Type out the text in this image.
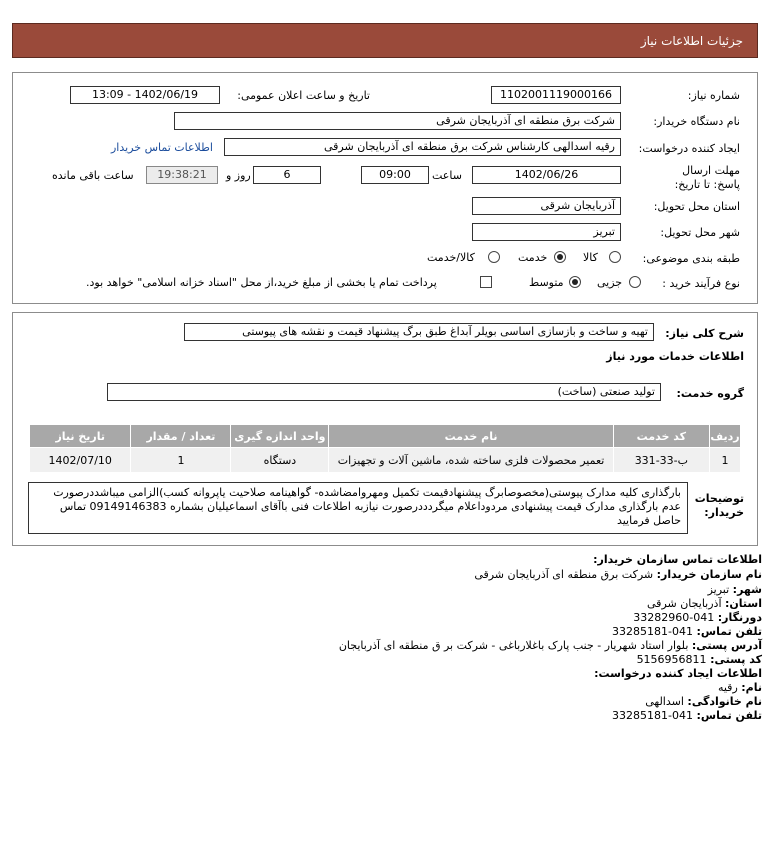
جزئیات اطلاعات نیاز
شماره نیاز:
1102001119000166
تاریخ و ساعت اعلان عمومی:
1402/06/19 - 13:09
نام دستگاه خریدار:
شرکت برق منطقه ای آذربایجان شرقی
ایجاد کننده درخواست:
رقیه اسدالهی کارشناس شرکت برق منطقه ای آذربایجان شرقی
اطلاعات تماس خریدار
مهلت ارسال پاسخ: تا تاریخ:
1402/06/26
ساعت
09:00
6
روز و
19:38:21
ساعت باقی مانده
استان محل تحویل:
آذربایجان شرقی
شهر محل تحویل:
تبریز
طبقه بندی موضوعی:
کالا
خدمت
کالا/خدمت
نوع فرآیند خرید :
جزیی
متوسط
پرداخت تمام یا بخشی از مبلغ خرید،از محل "اسناد خزانه اسلامی" خواهد بود.
شرح کلی نیاز:
تهیه و ساخت و بازسازی اساسی بویلر آبداغ طبق برگ پیشنهاد قیمت و نقشه های پیوستی
اطلاعات خدمات مورد نیاز
گروه خدمت:
تولید صنعتی (ساخت)
ردیف	کد خدمت	نام خدمت	واحد اندازه گیری	تعداد / مقدار	تاریخ نیاز
1	ب-33-331	تعمیر محصولات فلزی ساخته شده، ماشین آلات و تجهیزات	دستگاه	1	1402/07/10
توضیحات خریدار:
بارگذاری کلیه مدارک پیوستی(مخصوصابرگ پیشنهادقیمت تکمیل ومهروامضاشده- گواهینامه صلاحیت یاپروانه کسب)الزامی میباشددرصورت عدم بارگذاری مدارک قیمت پیشنهادی مردوداعلام میگردددرصورت نیازبه اطلاعات فنی باآقای اسماعیلیان بشماره 09149146383 تماس حاصل فرمایید
اطلاعات تماس سازمان خریدار:
نام سازمان خریدار: شرکت برق منطقه ای آذربایجان شرقی
شهر: تبریز
استان: آذربایجان شرقی
دورنگار: 041-33282960
تلفن تماس: 041-33285181
آدرس پستی: بلوار استاد شهریار - جنب پارک باغلارباغی - شرکت بر ق منطقه ای آذربایجان
کد پستی: 5156956811
اطلاعات ایجاد کننده درخواست:
نام: رقیه
نام خانوادگی: اسدالهی
تلفن تماس: 041-33285181
